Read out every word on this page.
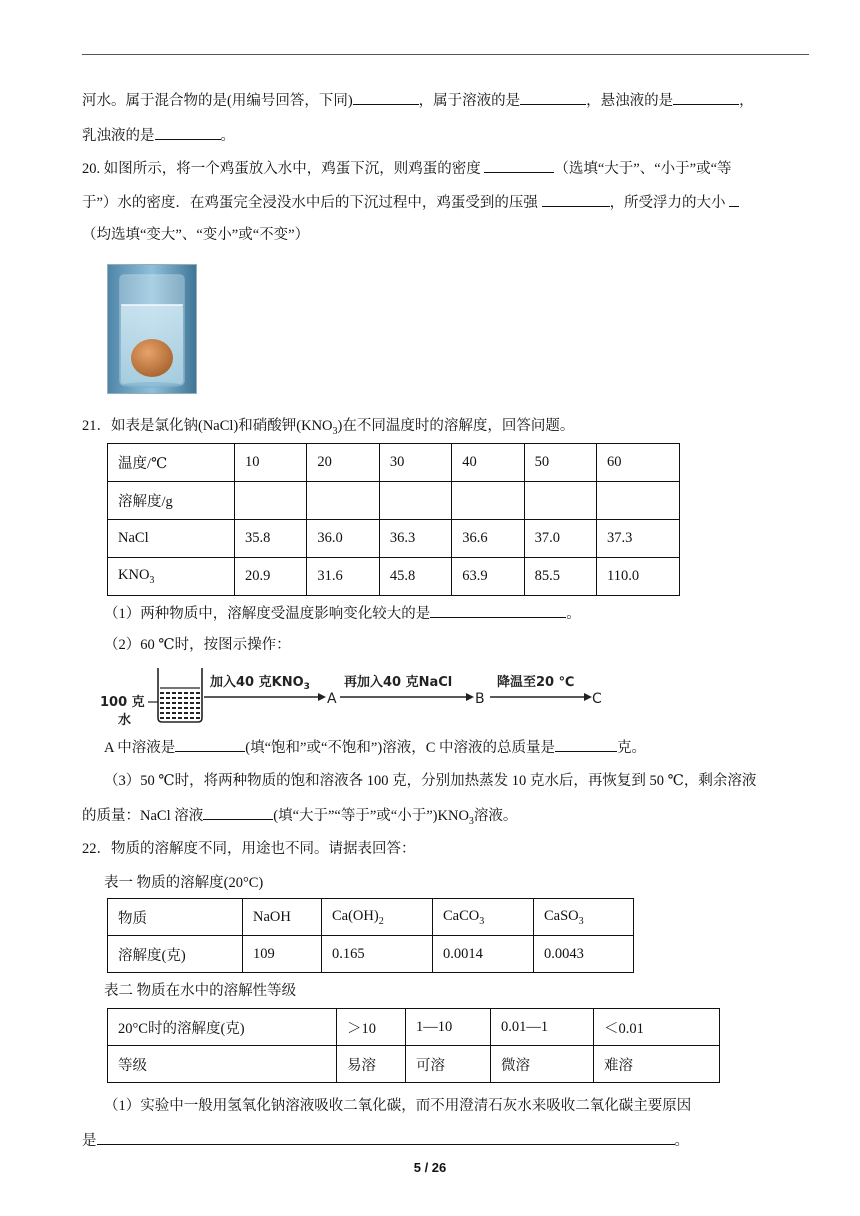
河水。属于混合物的是(用编号回答，下同)	，属于溶液的是	，悬浊液的是	，
乳浊液的是	。
20. 如图所示，将一个鸡蛋放入水中，鸡蛋下沉，则鸡蛋的密度	（选填“大于”、“小于”或“等
于”）水的密度．在鸡蛋完全浸没水中后的下沉过程中，鸡蛋受到的压强	，所受浮力的大小
（均选填“变大”、“变小”或“不变”）
21．如表是氯化钠(NaCl)和硝酸钾$(KNO_3)$在不同温度时的溶解度，回答问题。
温度/℃	10	20	30	40	50	60
溶解度/g						
NaCl	35.8	36.0	36.3	36.6	37.0	37.3
$KNO_3$	20.9	31.6	45.8	63.9	85.5	110.0
（1）两种物质中，溶解度受温度影响变化较大的是	。
（2）60 ℃时，按图示操作：
100 克
水
加入40 克$KNO_3$
A
再加入40 克NaCl
B
降温至20 ℃
C
A 中溶液是	(填“饱和”或“不饱和”)溶液，C 中溶液的总质量是	克。
（3）50 ℃时，将两种物质的饱和溶液各 100 克，分别加热蒸发 10 克水后，再恢复到 50 ℃，剩余溶液
的质量：NaCl 溶液	(填“大于”“等于”或“小于$”)KNO_3$溶液。
22．物质的溶解度不同，用途也不同。请据表回答：
表一 物质的溶解度(20°C)
物质	NaOH	$Ca(OH)_2$	CaCO$_3$	CaSO$_3$
溶解度(克)	109	0.165	0.0014	0.0043
表二 物质在水中的溶解性等级
20°C时的溶解度(克)	＞10	1—10	0.01—1	＜0.01
等级	易溶	可溶	微溶	难溶
（1）实验中一般用氢氧化钠溶液吸收二氧化碳，而不用澄清石灰水来吸收二氧化碳主要原因
是	。
5 / 26
